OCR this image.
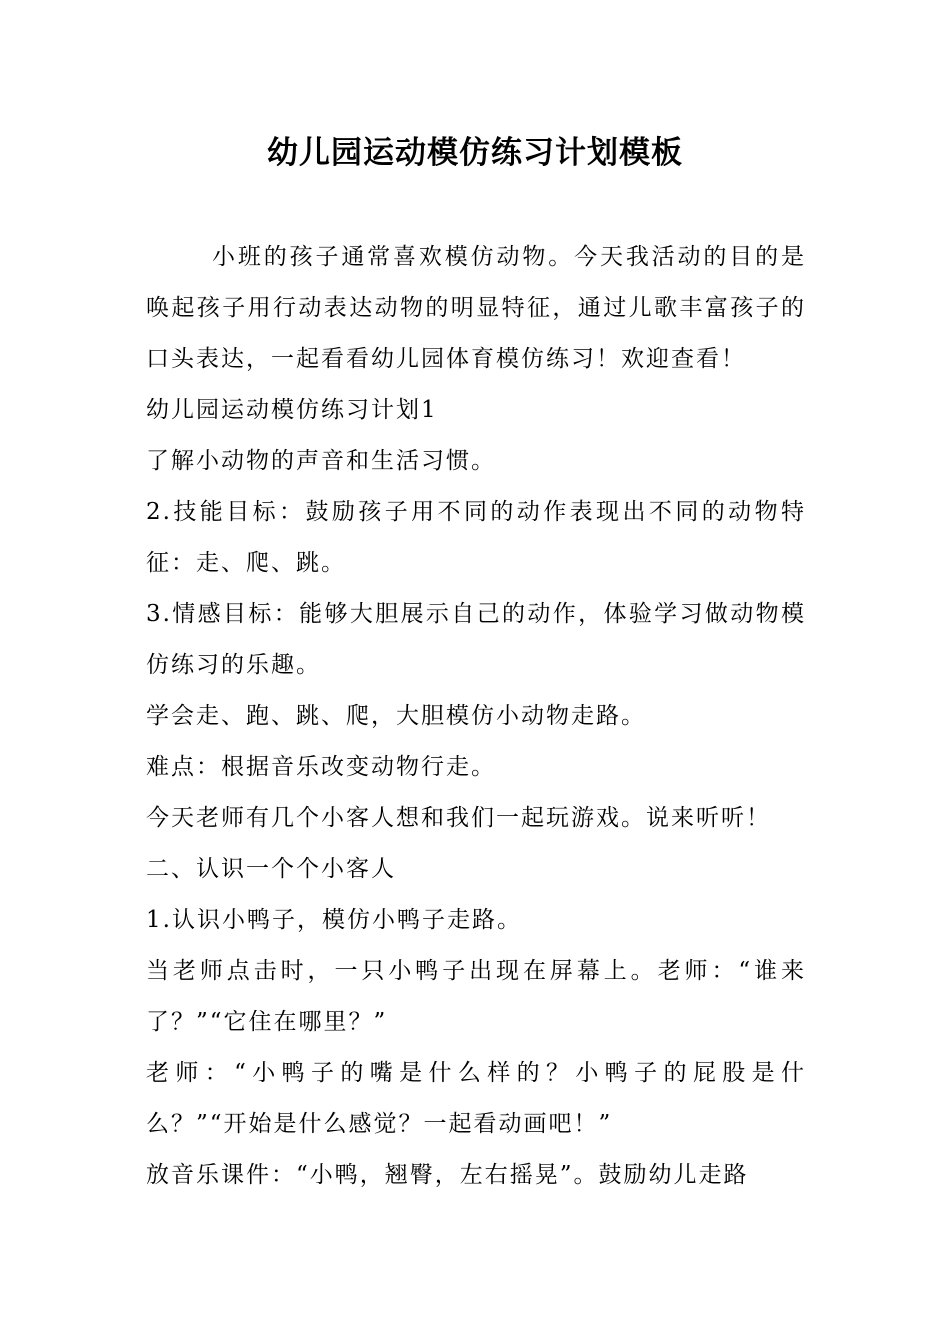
幼儿园运动模仿练习计划模板

小班的孩子通常喜欢模仿动物。今天我活动的目的是唤起孩子用行动表达动物的明显特征，通过儿歌丰富孩子的口头表达，一起看看幼儿园体育模仿练习！欢迎查看！

幼儿园运动模仿练习计划1

了解小动物的声音和生活习惯。

2.技能目标：鼓励孩子用不同的动作表现出不同的动物特征：走、爬、跳。

3.情感目标：能够大胆展示自己的动作，体验学习做动物模仿练习的乐趣。

学会走、跑、跳、爬，大胆模仿小动物走路。

难点：根据音乐改变动物行走。

今天老师有几个小客人想和我们一起玩游戏。说来听听！

二、认识一个个小客人

1.认识小鸭子，模仿小鸭子走路。

当老师点击时，一只小鸭子出现在屏幕上。老师：“谁来了？”“它住在哪里？”

老师：“小鸭子的嘴是什么样的？小鸭子的屁股是什么？”“开始是什么感觉？一起看动画吧！”

放音乐课件：“小鸭，翘臀，左右摇晃”。鼓励幼儿走路
